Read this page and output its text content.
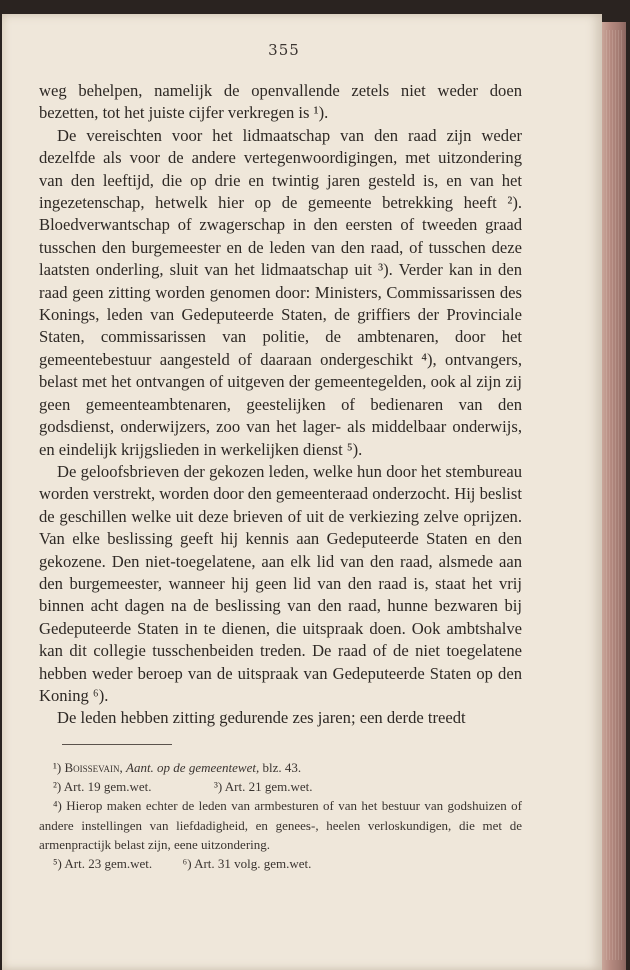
355

weg behelpen, namelijk de openvallende zetels niet weder doen bezetten, tot het juiste cijfer verkregen is ¹).

De vereischten voor het lidmaatschap van den raad zijn weder dezelfde als voor de andere vertegenwoordigingen, met uitzondering van den leeftijd, die op drie en twintig jaren gesteld is, en van het ingezetenschap, hetwelk hier op de gemeente betrekking heeft ²). Bloedverwantschap of zwagerschap in den eersten of tweeden graad tusschen den burgemeester en de leden van den raad, of tusschen deze laatsten onderling, sluit van het lidmaatschap uit ³). Verder kan in den raad geen zitting worden genomen door: Ministers, Commissarissen des Konings, leden van Gedeputeerde Staten, de griffiers der Provinciale Staten, commissarissen van politie, de ambtenaren, door het gemeentebestuur aangesteld of daaraan ondergeschikt ⁴), ontvangers, belast met het ontvangen of uitgeven der gemeentegelden, ook al zijn zij geen gemeenteambtenaren, geestelijken of bedienaren van den godsdienst, onderwijzers, zoo van het lager- als middelbaar onderwijs, en eindelijk krijgslieden in werkelijken dienst ⁵).

De geloofsbrieven der gekozen leden, welke hun door het stembureau worden verstrekt, worden door den gemeenteraad onderzocht. Hij beslist de geschillen welke uit deze brieven of uit de verkiezing zelve oprijzen. Van elke beslissing geeft hij kennis aan Gedeputeerde Staten en den gekozene. Den niet-toegelatene, aan elk lid van den raad, alsmede aan den burgemeester, wanneer hij geen lid van den raad is, staat het vrij binnen acht dagen na de beslissing van den raad, hunne bezwaren bij Gedeputeerde Staten in te dienen, die uitspraak doen. Ook ambtshalve kan dit collegie tusschenbeiden treden. De raad of de niet toegelatene hebben weder beroep van de uitspraak van Gedeputeerde Staten op den Koning ⁶).

De leden hebben zitting gedurende zes jaren; een derde treedt

¹) Boissevain, Aant. op de gemeentewet, blz. 43.

²) Art. 19 gem.wet.	³) Art. 21 gem.wet.

⁴) Hierop maken echter de leden van armbesturen of van het bestuur van godshuizen of andere instellingen van liefdadigheid, en genees-, heelen verloskundigen, die met de armenpractijk belast zijn, eene uitzondering.

⁵) Art. 23 gem.wet. ⁶) Art. 31 volg. gem.wet.
